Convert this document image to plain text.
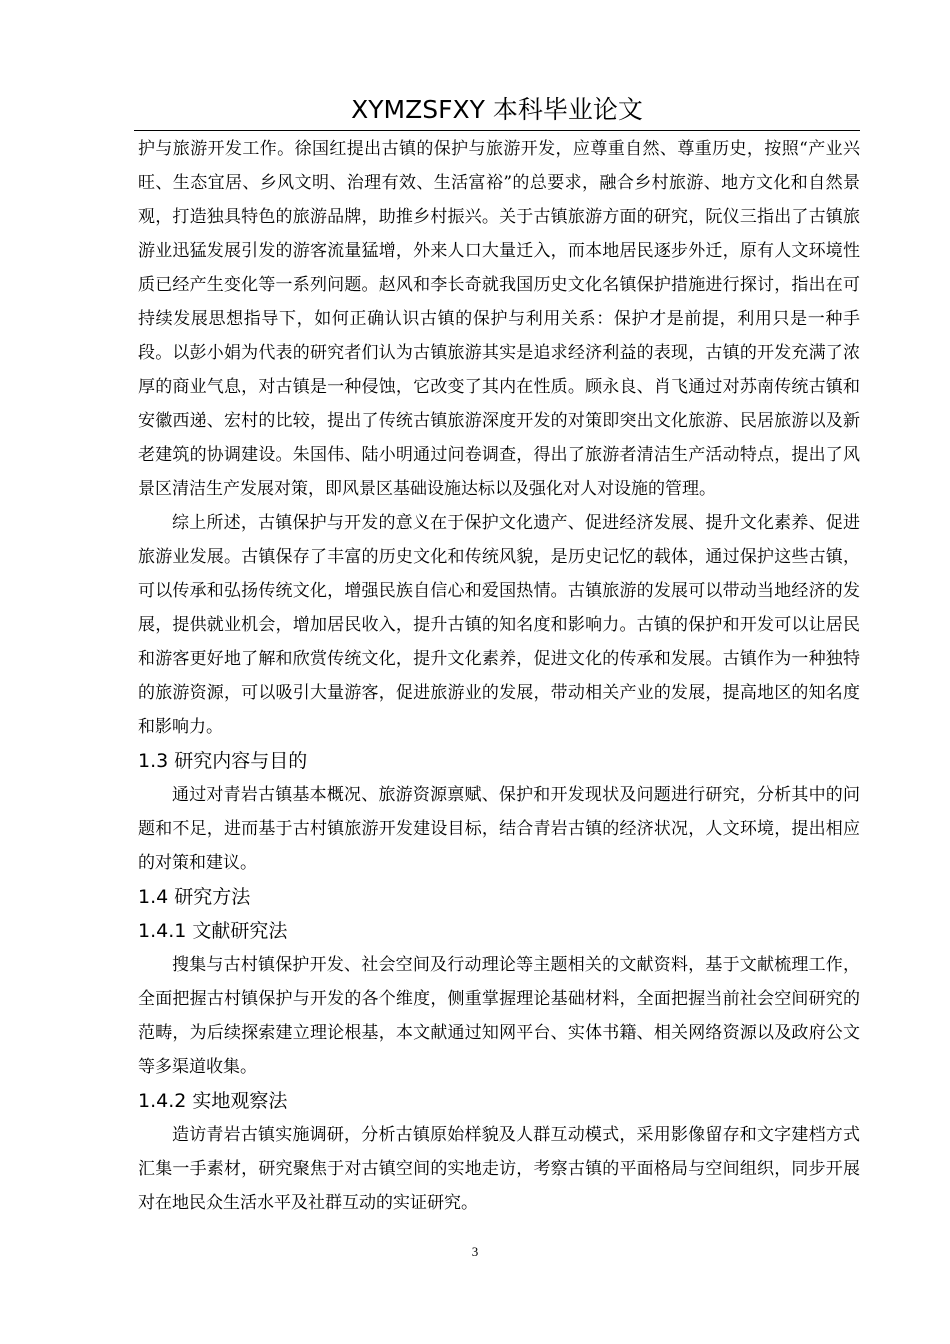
XYMZSFXY 本科毕业论文

护与旅游开发工作。徐国红提出古镇的保护与旅游开发，应尊重自然、尊重历史，按照“产业兴旺、生态宜居、乡风文明、治理有效、生活富裕”的总要求，融合乡村旅游、地方文化和自然景观，打造独具特色的旅游品牌，助推乡村振兴。关于古镇旅游方面的研究，阮仪三指出了古镇旅游业迅猛发展引发的游客流量猛增，外来人口大量迁入，而本地居民逐步外迁，原有人文环境性质已经产生变化等一系列问题。赵风和李长奇就我国历史文化名镇保护措施进行探讨，指出在可持续发展思想指导下，如何正确认识古镇的保护与利用关系：保护才是前提，利用只是一种手段。以彭小娟为代表的研究者们认为古镇旅游其实是追求经济利益的表现，古镇的开发充满了浓厚的商业气息，对古镇是一种侵蚀，它改变了其内在性质。顾永良、肖飞通过对苏南传统古镇和安徽西递、宏村的比较，提出了传统古镇旅游深度开发的对策即突出文化旅游、民居旅游以及新老建筑的协调建设。朱国伟、陆小明通过问卷调查，得出了旅游者清洁生产活动特点，提出了风景区清洁生产发展对策，即风景区基础设施达标以及强化对人对设施的管理。

综上所述，古镇保护与开发的意义在于保护文化遗产、促进经济发展、提升文化素养、促进旅游业发展。古镇保存了丰富的历史文化和传统风貌，是历史记忆的载体，通过保护这些古镇，可以传承和弘扬传统文化，增强民族自信心和爱国热情。古镇旅游的发展可以带动当地经济的发展，提供就业机会，增加居民收入，提升古镇的知名度和影响力。古镇的保护和开发可以让居民和游客更好地了解和欣赏传统文化，提升文化素养，促进文化的传承和发展。古镇作为一种独特的旅游资源，可以吸引大量游客，促进旅游业的发展，带动相关产业的发展，提高地区的知名度和影响力。

1.3 研究内容与目的

通过对青岩古镇基本概况、旅游资源禀赋、保护和开发现状及问题进行研究，分析其中的问题和不足，进而基于古村镇旅游开发建设目标，结合青岩古镇的经济状况，人文环境，提出相应的对策和建议。

1.4 研究方法
1.4.1 文献研究法

搜集与古村镇保护开发、社会空间及行动理论等主题相关的文献资料，基于文献梳理工作，全面把握古村镇保护与开发的各个维度，侧重掌握理论基础材料，全面把握当前社会空间研究的范畴，为后续探索建立理论根基，本文献通过知网平台、实体书籍、相关网络资源以及政府公文等多渠道收集。

1.4.2 实地观察法

造访青岩古镇实施调研，分析古镇原始样貌及人群互动模式，采用影像留存和文字建档方式汇集一手素材，研究聚焦于对古镇空间的实地走访，考察古镇的平面格局与空间组织，同步开展对在地民众生活水平及社群互动的实证研究。

3
